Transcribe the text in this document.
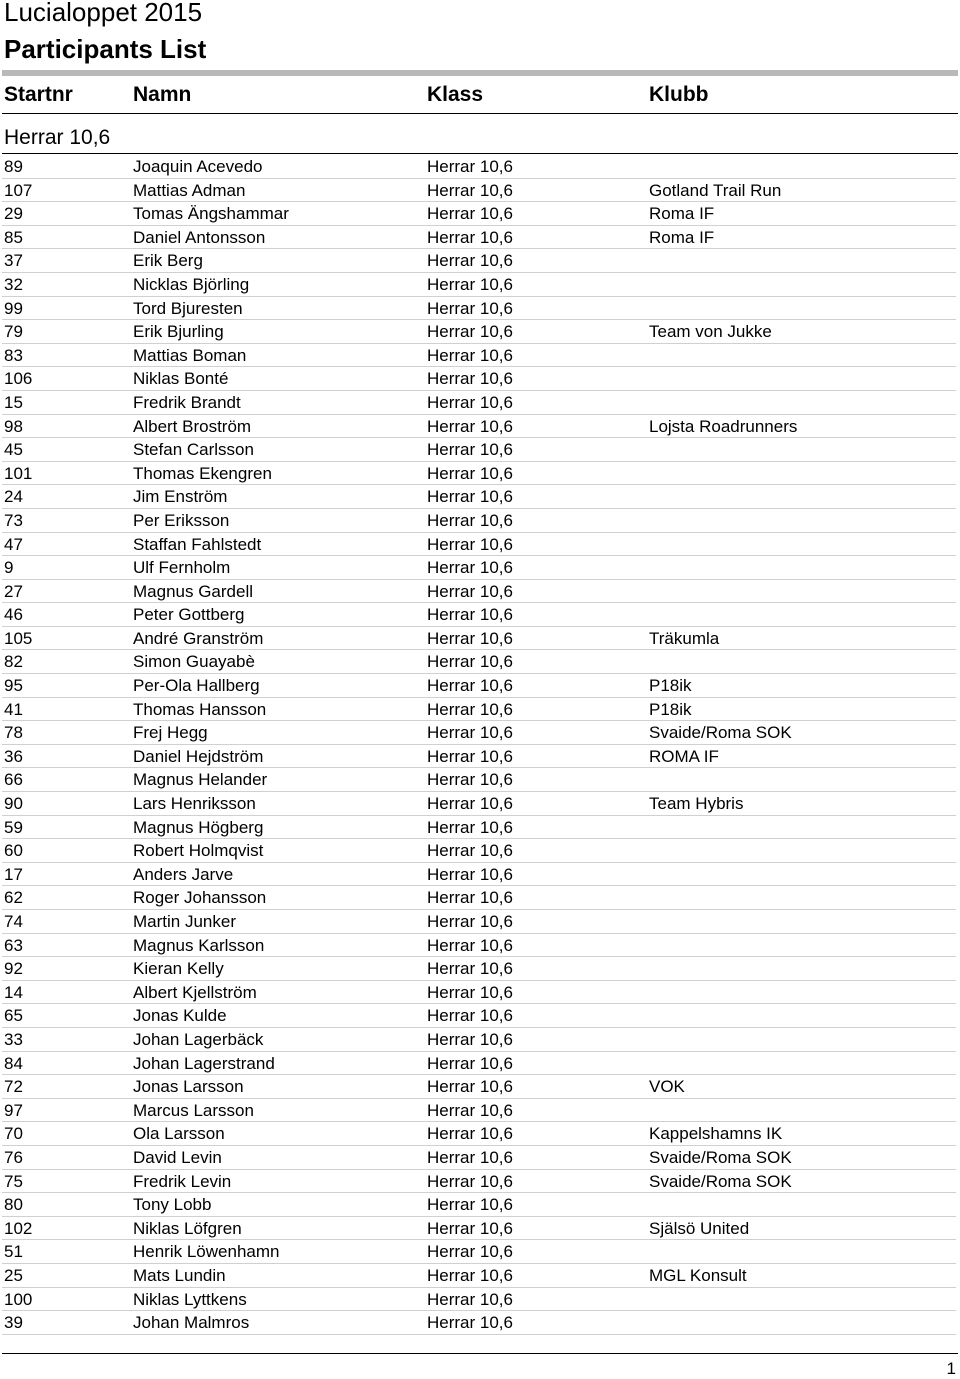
Lucialoppet 2015
Participants List
Startnr	Namn	Klass	Klubb
Herrar 10,6
89	Joaquin Acevedo	Herrar 10,6
107	Mattias Adman	Herrar 10,6	Gotland Trail Run
29	Tomas Ängshammar	Herrar 10,6	Roma IF
85	Daniel Antonsson	Herrar 10,6	Roma IF
37	Erik Berg	Herrar 10,6
32	Nicklas Björling	Herrar 10,6
99	Tord Bjuresten	Herrar 10,6
79	Erik Bjurling	Herrar 10,6	Team von Jukke
83	Mattias Boman	Herrar 10,6
106	Niklas Bonté	Herrar 10,6
15	Fredrik Brandt	Herrar 10,6
98	Albert Broström	Herrar 10,6	Lojsta Roadrunners
45	Stefan Carlsson	Herrar 10,6
101	Thomas Ekengren	Herrar 10,6
24	Jim Enström	Herrar 10,6
73	Per Eriksson	Herrar 10,6
47	Staffan Fahlstedt	Herrar 10,6
9	Ulf Fernholm	Herrar 10,6
27	Magnus Gardell	Herrar 10,6
46	Peter Gottberg	Herrar 10,6
105	André Granström	Herrar 10,6	Träkumla
82	Simon Guayabè	Herrar 10,6
95	Per-Ola Hallberg	Herrar 10,6	P18ik
41	Thomas Hansson	Herrar 10,6	P18ik
78	Frej Hegg	Herrar 10,6	Svaide/Roma SOK
36	Daniel Hejdström	Herrar 10,6	ROMA IF
66	Magnus Helander	Herrar 10,6
90	Lars Henriksson	Herrar 10,6	Team Hybris
59	Magnus Högberg	Herrar 10,6
60	Robert Holmqvist	Herrar 10,6
17	Anders Jarve	Herrar 10,6
62	Roger Johansson	Herrar 10,6
74	Martin Junker	Herrar 10,6
63	Magnus Karlsson	Herrar 10,6
92	Kieran Kelly	Herrar 10,6
14	Albert Kjellström	Herrar 10,6
65	Jonas Kulde	Herrar 10,6
33	Johan Lagerbäck	Herrar 10,6
84	Johan Lagerstrand	Herrar 10,6
72	Jonas Larsson	Herrar 10,6	VOK
97	Marcus Larsson	Herrar 10,6
70	Ola Larsson	Herrar 10,6	Kappelshamns IK
76	David Levin	Herrar 10,6	Svaide/Roma SOK
75	Fredrik Levin	Herrar 10,6	Svaide/Roma SOK
80	Tony Lobb	Herrar 10,6
102	Niklas Löfgren	Herrar 10,6	Själsö United
51	Henrik Löwenhamn	Herrar 10,6
25	Mats Lundin	Herrar 10,6	MGL Konsult
100	Niklas Lyttkens	Herrar 10,6
39	Johan Malmros	Herrar 10,6
1
